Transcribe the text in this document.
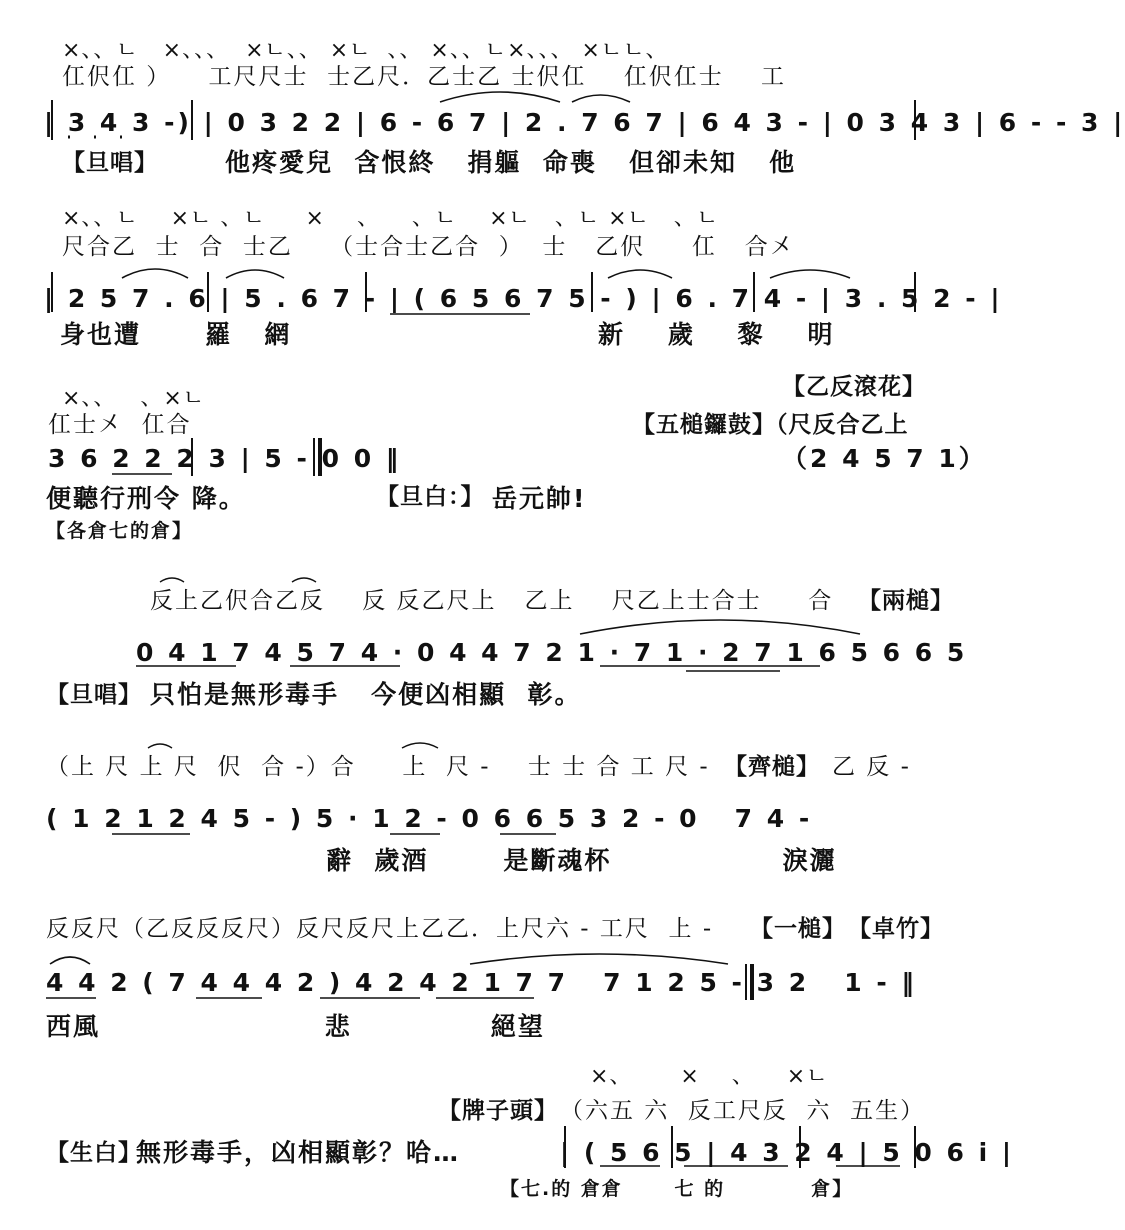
×、、ㄴ   ×、、、  ×ㄴ、、 ×ㄴ  、、 ×、、ㄴ×、、、 ×ㄴㄴ、
仜伬仜 ）    工尺尺士  士乙尺．乙士乙 士伬仜    仜伬仜士    工
| 3 4 3 -) | 0 3 2 2 | 6 - 6 7 | 2 . 7 6 7 | 6 4 3 - | 0 3 4 3 | 6 - - 3 |
【旦唱】	他疼愛兒  含恨終   捐軀  命喪   但卻未知   他
×、、ㄴ    ×ㄴ 、ㄴ     ×    、    、ㄴ    ×ㄴ   、ㄴ ×ㄴ   、ㄴ
尺合乙  士  合  士乙    （士合士乙合  ）  士   乙伬     仜   合㐅
| 2 5 7 . 6 | 5 . 6 7 - | ( 6 5 6 7 5 - ) | 6 . 7 4 - | 3 . 5 2 - |
身也遭      羅   網	新    歲    黎    明
【乙反滾花】
×、、   、×ㄴ
仜士㐅  仜合	【五槌鑼鼓】（尺反合乙上
3 6 2 2 2 3 | 5 - 0 0 ‖	（2 4 5 7 1）
便聽行刑令 降。	【旦白：】 岳元帥!
【各倉七的倉】
反上乙伬合乙反    反 反乙尺上   乙上    尺乙上士合士     合 【兩槌】
0 4 1 7 4 5 7 4 · 0 4 4 7 2 1 · 7 1 · 2 7 1 6 5 6 6 5
【旦唱】 只怕是無形毒手   今便凶相顯  彰。
（上 尺 上 尺  伬  合 -）合     上  尺 -    士 士 合 工 尺 - 【齊槌】 乙 反 -
( 1 2 1 2 4 5 - ) 5 · 1 2 - 0 6 6 5 3 2 - 0   7 4 -
辭  歲酒       是斷魂杯                淚灑
反反尺（乙反反反尺）反尺反尺上乙乙．上尺六 - 工尺  上 - 【一槌】 【卓竹】
4 4 2 ( 7 4 4 4 2 ) 4 2 4 2 1 7 7   7 1 2 5 - 3 2   1 - ‖
西風                     悲             絕望
×、      ×    、    ×ㄴ
【牌子頭】 （六五 六  反工尺反  六  五生）
【生白】
無形毒手，凶相顯彰？哈…	| ( 5 6 5 | 4 3 2 4 | 5 0 6 i |
【七.的 倉倉      七 的          倉】
